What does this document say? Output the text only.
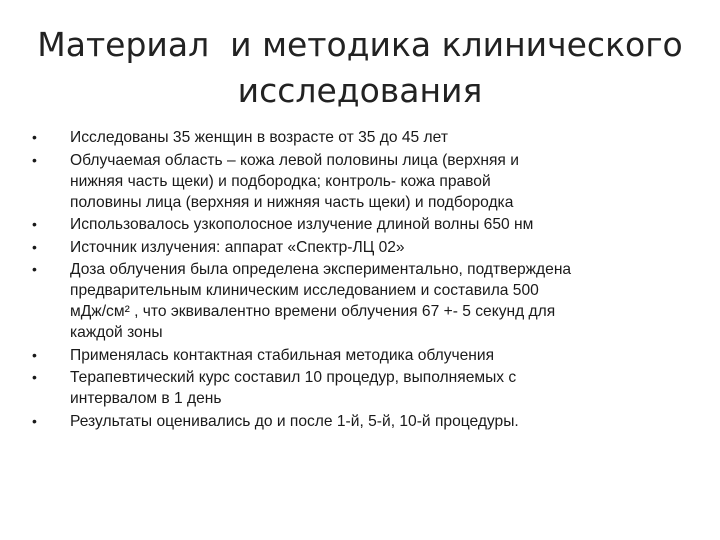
Материал  и методика клинического
исследования
•	Исследованы 35 женщин в возрасте от 35 до 45 лет
•	Облучаемая область – кожа левой половины лица (верхняя и
нижняя часть щеки) и подбородка; контроль- кожа правой
половины лица (верхняя и нижняя часть щеки) и подбородка
•	Использовалось узкополосное излучение длиной волны 650 нм
•	Источник излучения: аппарат «Спектр-ЛЦ 02»
•	Доза облучения была определена экспериментально, подтверждена
предварительным клиническим исследованием и составила 500
мДж/см² , что эквивалентно времени облучения 67 +- 5 секунд для
каждой зоны
•	Применялась контактная стабильная методика облучения
•	Терапевтический курс составил 10 процедур, выполняемых с
интервалом в 1 день
•	Результаты оценивались до и после 1-й, 5-й, 10-й процедуры.
